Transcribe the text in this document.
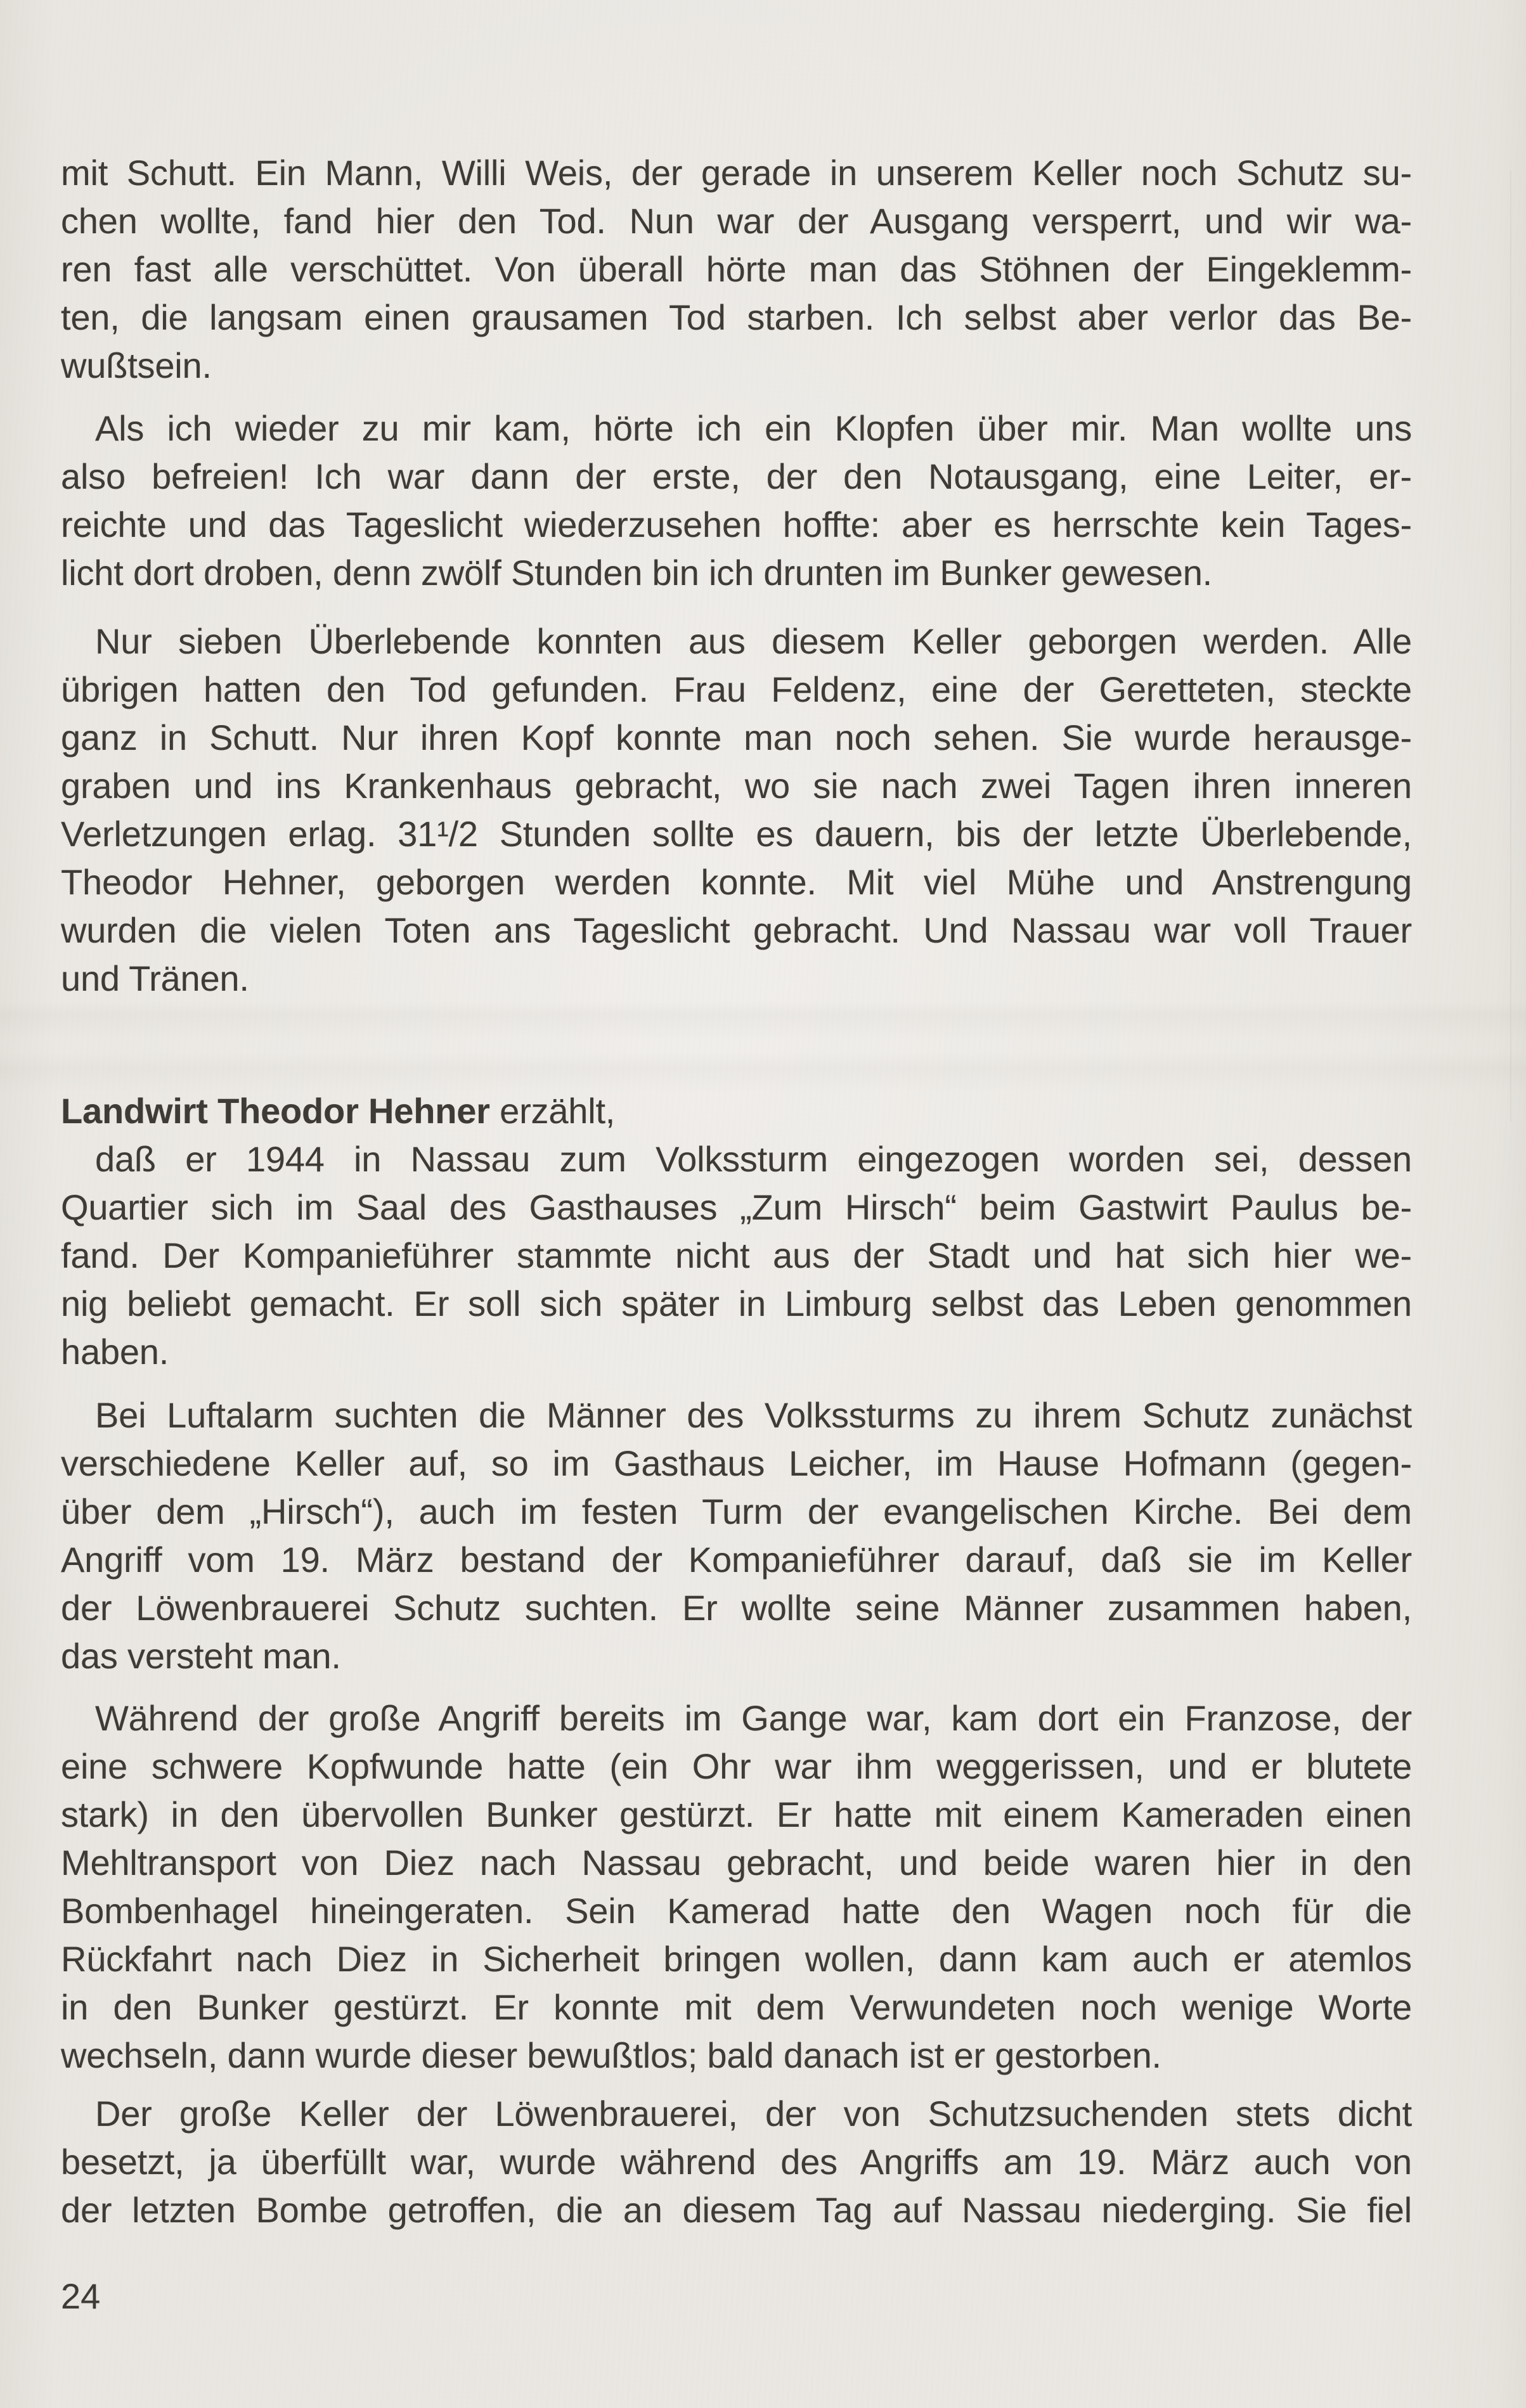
mit Schutt. Ein Mann, Willi Weis, der gerade in unserem Keller noch Schutz su-
chen wollte, fand hier den Tod. Nun war der Ausgang versperrt, und wir wa-
ren fast alle verschüttet. Von überall hörte man das Stöhnen der Eingeklemm-
ten, die langsam einen grausamen Tod starben. Ich selbst aber verlor das Be-
wußtsein.

Als ich wieder zu mir kam, hörte ich ein Klopfen über mir. Man wollte uns
also befreien! Ich war dann der erste, der den Notausgang, eine Leiter, er-
reichte und das Tageslicht wiederzusehen hoffte: aber es herrschte kein Tages-
licht dort droben, denn zwölf Stunden bin ich drunten im Bunker gewesen.

Nur sieben Überlebende konnten aus diesem Keller geborgen werden. Alle
übrigen hatten den Tod gefunden. Frau Feldenz, eine der Geretteten, steckte
ganz in Schutt. Nur ihren Kopf konnte man noch sehen. Sie wurde herausge-
graben und ins Krankenhaus gebracht, wo sie nach zwei Tagen ihren inneren
Verletzungen erlag. 31¹/2 Stunden sollte es dauern, bis der letzte Überlebende,
Theodor Hehner, geborgen werden konnte. Mit viel Mühe und Anstrengung
wurden die vielen Toten ans Tageslicht gebracht. Und Nassau war voll Trauer
und Tränen.

Landwirt Theodor Hehner erzählt,

daß er 1944 in Nassau zum Volkssturm eingezogen worden sei, dessen
Quartier sich im Saal des Gasthauses „Zum Hirsch“ beim Gastwirt Paulus be-
fand. Der Kompanieführer stammte nicht aus der Stadt und hat sich hier we-
nig beliebt gemacht. Er soll sich später in Limburg selbst das Leben genommen
haben.

Bei Luftalarm suchten die Männer des Volkssturms zu ihrem Schutz zunächst
verschiedene Keller auf, so im Gasthaus Leicher, im Hause Hofmann (gegen-
über dem „Hirsch“), auch im festen Turm der evangelischen Kirche. Bei dem
Angriff vom 19. März bestand der Kompanieführer darauf, daß sie im Keller
der Löwenbrauerei Schutz suchten. Er wollte seine Männer zusammen haben,
das versteht man.

Während der große Angriff bereits im Gange war, kam dort ein Franzose, der
eine schwere Kopfwunde hatte (ein Ohr war ihm weggerissen, und er blutete
stark) in den übervollen Bunker gestürzt. Er hatte mit einem Kameraden einen
Mehltransport von Diez nach Nassau gebracht, und beide waren hier in den
Bombenhagel hineingeraten. Sein Kamerad hatte den Wagen noch für die
Rückfahrt nach Diez in Sicherheit bringen wollen, dann kam auch er atemlos
in den Bunker gestürzt. Er konnte mit dem Verwundeten noch wenige Worte
wechseln, dann wurde dieser bewußtlos; bald danach ist er gestorben.

Der große Keller der Löwenbrauerei, der von Schutzsuchenden stets dicht
besetzt, ja überfüllt war, wurde während des Angriffs am 19. März auch von
der letzten Bombe getroffen, die an diesem Tag auf Nassau niederging. Sie fiel

24
